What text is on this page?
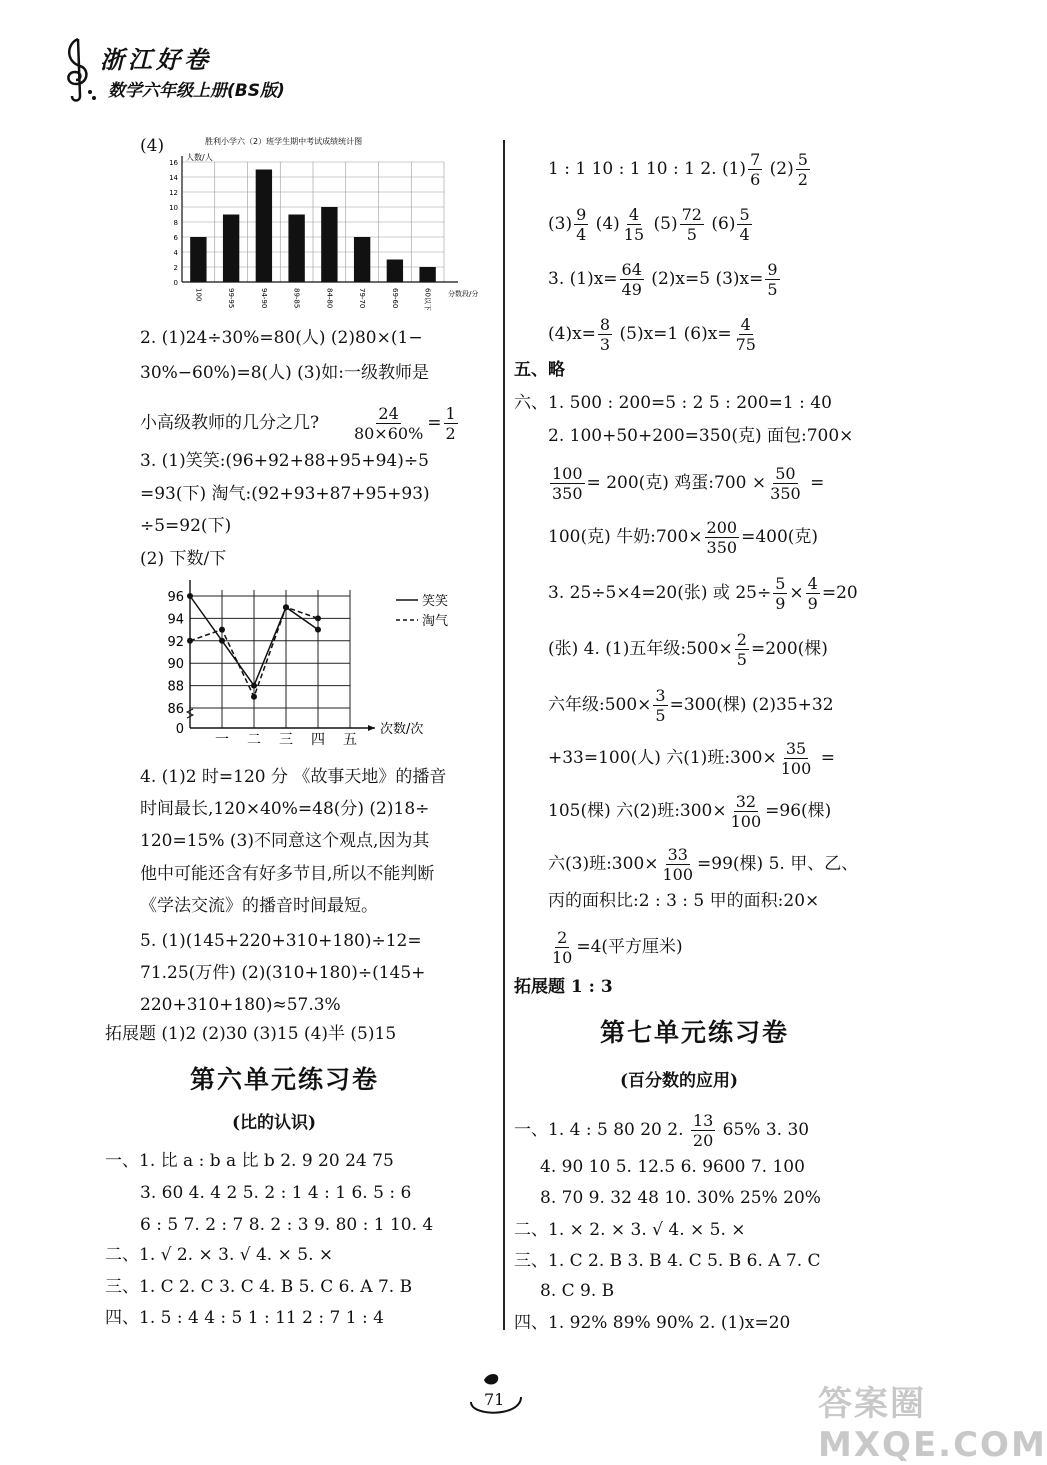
浙江好卷
数学六年级上册(BS版)
(4)	胜利小学六（2）班学生期中考试成绩统计图
人数/人
0
2
4
6
8
10
12
14
16
100	99-95	94-90	89-85	84-80	79-70	69-60	60以下 分数段/分
2. (1)24÷30%=80(人) (2)80×(1−
30%−60%)=8(人) (3)如:一级教师是
小高级教师的几分之几? $\frac{24}{80\times 60\%} = \frac{1}{2}$
3. (1)笑笑:(96+92+88+95+94)÷5
=93(下) 淘气:(92+93+87+95+93)
÷5=92(下)
(2) 下数/下
0
86
88
90
92
94
96
一 二 三 四 五
次数/次
笑笑
淘气
4. (1)2 时=120 分 《故事天地》的播音
时间最长,120×40%=48(分) (2)18÷
120=15% (3)不同意这个观点,因为其
他中可能还含有好多节目,所以不能判断
《学法交流》的播音时间最短。
5. (1)(145+220+310+180)÷12=
71.25(万件) (2)(310+180)÷(145+
220+310+180)≈57.3%
拓展题 (1)2 (2)30 (3)15 (4)半 (5)15
第六单元练习卷
(比的认识)
一、1. 比 a : b a 比 b 2. 9 20 24 75
3. 60 4. 4 2 5. 2 : 1 4 : 1 6. 5 : 6
6 : 5 7. 2 : 7 8. 2 : 3 9. 80 : 1 10. 4
二、1. √ 2. × 3. √ 4. × 5. ×
三、1. C 2. C 3. C 4. B 5. C 6. A 7. B
四、1. 5 : 4 4 : 5 1 : 11 2 : 7 1 : 4
1 : 1 10 : 1 10 : 1 2. $(1) \frac{7}{6} (2) \frac{5}{2}$
$(3) \frac{9}{4} (4) \frac{4}{15} (5) \frac{72}{5} (6) \frac{5}{4}$
3. $(1)x= \frac{64}{49} (2)x=5$ $(3)x= \frac{9}{5}$
$(4)x= \frac{8}{3} (5)x=1$ $(6)x= \frac{4}{75}$
五、略
六、1. 500 : 200=5 : 2 5 : 200=1 : 40
2. 100+50+200=350(克) 面包:700×
$\frac{100}{350} = 200$(克) 鸡蛋:700 × $\frac{50}{350}$ =
100(克) 牛奶:700× $\frac{200}{350} =400$(克)
3. 25÷5×4=20(张) 或 $25\div \frac{5}{9} \times \frac{4}{9} =20$
(张) 4. (1)五年级:500× $\frac{2}{5} =200$(棵)
六年级:500× $\frac{3}{5} =300$(棵) (2)35+32
+33=100(人) 六(1)班:300× $\frac{35}{100}$ =
105(棵) 六(2)班:300× $\frac{32}{100} =96$(棵)
六(3)班:300× $\frac{33}{100} =99$(棵) 5. 甲、乙、
丙的面积比:2 : 3 : 5 甲的面积:20×
$\frac{2}{10} =4$(平方厘米)
拓展题 1 : 3
第七单元练习卷
(百分数的应用)
一、1. 4 : 5 80 20 2. $\frac{13}{20} 65\%$ 3. 30
4. 90 10 5. 12.5 6. 9600 7. 100
8. 70 9. 32 48 10. 30% 25% 20%
二、1. × 2. × 3. √ 4. × 5. ×
三、1. C 2. B 3. B 4. C 5. B 6. A 7. C
8. C 9. B
四、1. 92% 89% 90% 2. (1)x=20
71	答案圈 MXQE.COM
